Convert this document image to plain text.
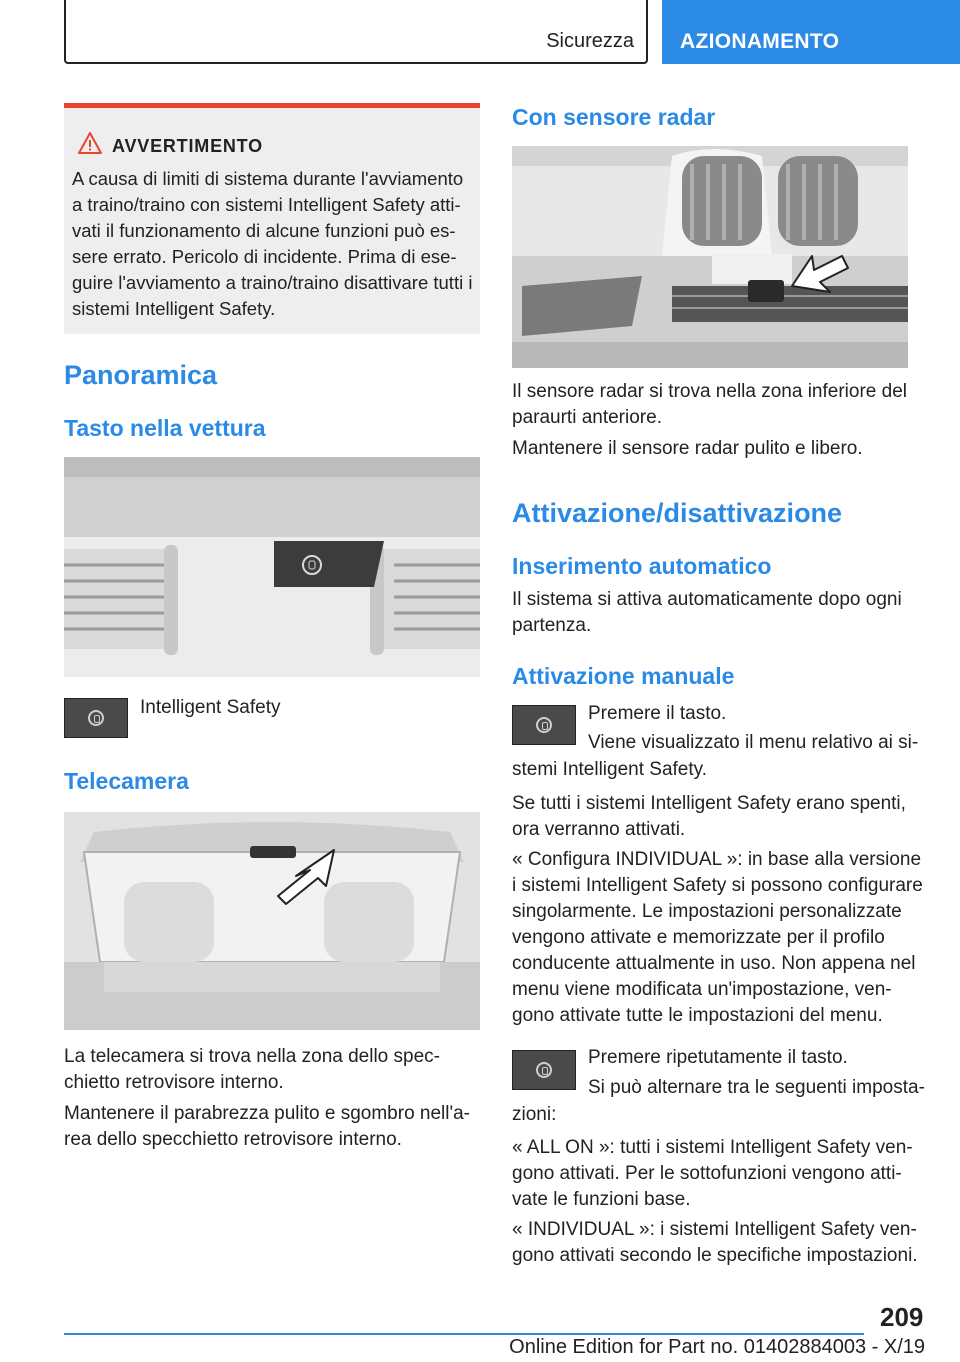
Sicurezza AZIONAMENTO
AVVERTIMENTO
A causa di limiti di sistema durante l'avviamento a traino/traino con sistemi Intelligent Safety atti- vati il funzionamento di alcune funzioni può es- sere errato. Pericolo di incidente. Prima di ese- guire l'avviamento a traino/traino disattivare tutti i sistemi Intelligent Safety.
Panoramica
Tasto nella vettura
Intelligent Safety
Telecamera
La telecamera si trova nella zona dello spec- chietto retrovisore interno.
Mantenere il parabrezza pulito e sgombro nell'a- rea dello specchietto retrovisore interno.
Con sensore radar
Il sensore radar si trova nella zona inferiore del paraurti anteriore.
Mantenere il sensore radar pulito e libero.
Attivazione/disattivazione
Inserimento automatico
Il sistema si attiva automaticamente dopo ogni partenza.
Attivazione manuale
Premere il tasto.
Viene visualizzato il menu relativo ai si-
stemi Intelligent Safety.
Se tutti i sistemi Intelligent Safety erano spenti, ora verranno attivati.
« Configura INDIVIDUAL »: in base alla versione i sistemi Intelligent Safety si possono configurare singolarmente. Le impostazioni personalizzate vengono attivate e memorizzate per il profilo conducente attualmente in uso. Non appena nel menu viene modificata un'impostazione, ven- gono attivate tutte le impostazioni del menu.
Premere ripetutamente il tasto.
Si può alternare tra le seguenti imposta-
zioni:
« ALL ON »: tutti i sistemi Intelligent Safety ven- gono attivati. Per le sottofunzioni vengono atti- vate le funzioni base.
« INDIVIDUAL »: i sistemi Intelligent Safety ven- gono attivati secondo le specifiche impostazioni.
209
Online Edition for Part no. 01402884003 - X/19
